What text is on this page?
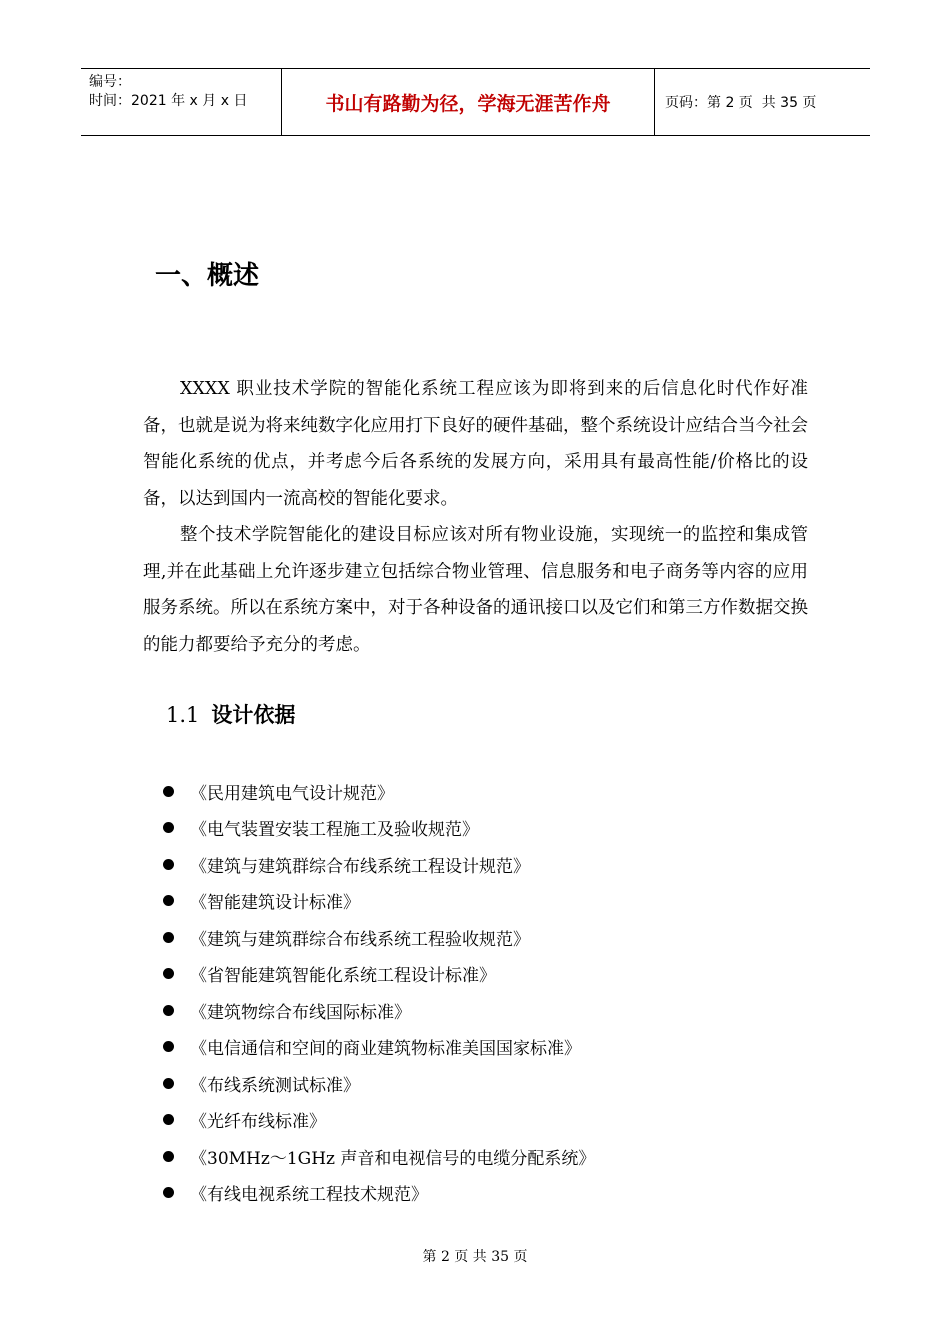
编号：
时间：2021 年 x 月 x 日	书山有路勤为径，学海无涯苦作舟	页码：第 2 页  共 35 页
一、概述

XXXX 职业技术学院的智能化系统工程应该为即将到来的后信息化时代作好准备，也就是说为将来纯数字化应用打下良好的硬件基础，整个系统设计应结合当今社会智能化系统的优点，并考虑今后各系统的发展方向，采用具有最高性能/价格比的设备，以达到国内一流高校的智能化要求。

整个技术学院智能化的建设目标应该对所有物业设施，实现统一的监控和集成管理,并在此基础上允许逐步建立包括综合物业管理、信息服务和电子商务等内容的应用服务系统。所以在系统方案中，对于各种设备的通讯接口以及它们和第三方作数据交换的能力都要给予充分的考虑。

1.1 设计依据
《民用建筑电气设计规范》
《电气装置安装工程施工及验收规范》
《建筑与建筑群综合布线系统工程设计规范》
《智能建筑设计标准》
《建筑与建筑群综合布线系统工程验收规范》
《省智能建筑智能化系统工程设计标准》
《建筑物综合布线国际标准》
《电信通信和空间的商业建筑物标准美国国家标准》
《布线系统测试标准》
《光纤布线标准》
《30MHz～1GHz 声音和电视信号的电缆分配系统》
《有线电视系统工程技术规范》
第 2 页 共 35 页
